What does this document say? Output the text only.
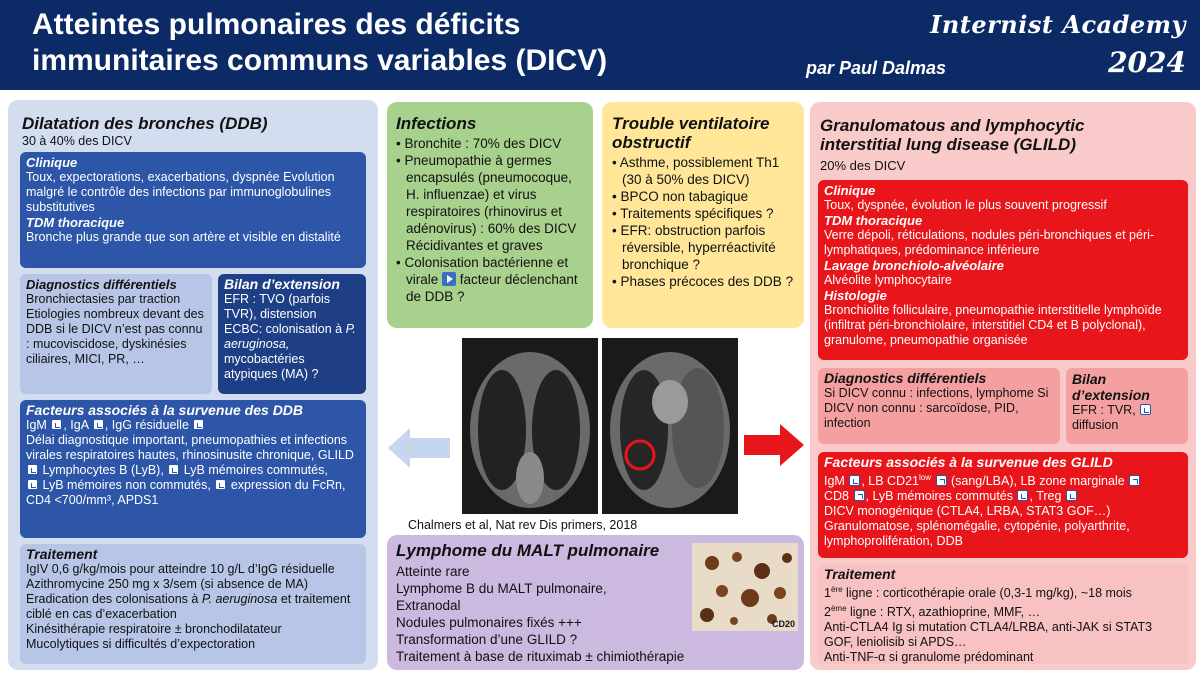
Atteintes pulmonaires des déficits
immunitaires communs variables (DICV)	par Paul Dalmas
Internist Academy
2024
Dilatation des bronches (DDB)
30 à 40% des DICV
Clinique
Toux, expectorations, exacerbations, dyspnée Evolution malgré le contrôle des infections par immunoglobulines substitutives
TDM thoracique
Bronche plus grande que son artère et visible en distalité
Diagnostics différentiels
Bronchiectasies par traction Etiologies nombreux devant des DDB si le DICV n’est pas connu : mucoviscidose, dyskinésies ciliaires, MICI, PR, …
Bilan d’extension
EFR : TVO (parfois TVR), distension
ECBC: colonisation à P. aeruginosa, mycobactéries atypiques (MA) ?
Facteurs associés à la survenue des DDB
IgM , IgA , IgG résiduelle
Délai diagnostique important, pneumopathies et infections virales respiratoires hautes, rhinosinusite chronique, GLILD
Lymphocytes B (LyB), LyB mémoires commutés,
LyB mémoires non commutés, expression du FcRn, CD4 <700/mm³, APDS1
Traitement
IgIV 0,6 g/kg/mois pour atteindre 10 g/L d’IgG résiduelle
Azithromycine 250 mg x 3/sem (si absence de MA)
Eradication des colonisations à P. aeruginosa et traitement ciblé en cas d’exacerbation
Kinésithérapie respiratoire ± bronchodilatateur
Mucolytiques si difficultés d’expectoration
Infections
• Bronchite : 70% des DICV
• Pneumopathie à germes encapsulés (pneumocoque, H. influenzae) et virus respiratoires (rhinovirus et adénovirus) : 60% des DICV Récidivantes et graves
• Colonisation bactérienne et virale facteur déclenchant de DDB ?
Trouble ventilatoire obstructif
• Asthme, possiblement Th1 (30 à 50% des DICV)
• BPCO non tabagique
• Traitements spécifiques ?
• EFR: obstruction parfois réversible, hyperréactivité bronchique ?
• Phases précoces des DDB ?
Chalmers et al, Nat rev Dis primers, 2018
Lymphome du MALT pulmonaire
Atteinte rare
Lymphome B du MALT pulmonaire, Extranodal
Nodules pulmonaires fixés +++
Transformation d’une GLILD ?
Traitement à base de rituximab ± chimiothérapie
CD20
Granulomatous and lymphocytic interstitial lung disease (GLILD)
20% des DICV
Clinique
Toux, dyspnée, évolution le plus souvent progressif
TDM thoracique
Verre dépoli, réticulations, nodules péri-bronchiques et péri-lymphatiques, prédominance inférieure
Lavage bronchiolo-alvéolaire
Alvéolite lymphocytaire
Histologie
Bronchiolite folliculaire, pneumopathie interstitielle lymphoïde (infiltrat péri-bronchiolaire, interstitiel CD4 et B polyclonal), granulome, pneumopathie organisée
Diagnostics différentiels
Si DICV connu : infections, lymphome Si DICV non connu : sarcoïdose, PID, infection
Bilan d’extension
EFR : TVR,
diffusion
Facteurs associés à la survenue des GLILD
IgM , LB $CD21^{low}$ (sang/LBA), LB zone marginale
CD8 , LyB mémoires commutés , Treg
DICV monogénique (CTLA4, LRBA, STAT3 GOF…)
Granulomatose, splénomégalie, cytopénie, polyarthrite, lymphoprolifération, DDB
Traitement
1ère ligne : corticothérapie orale (0,3-1 mg/kg), ~18 mois
2ème ligne : RTX, azathioprine, MMF, …
Anti-CTLA4 Ig si mutation CTLA4/LRBA, anti-JAK si STAT3 GOF, leniolisib si APDS…
Anti-TNF-α si granulome prédominant
